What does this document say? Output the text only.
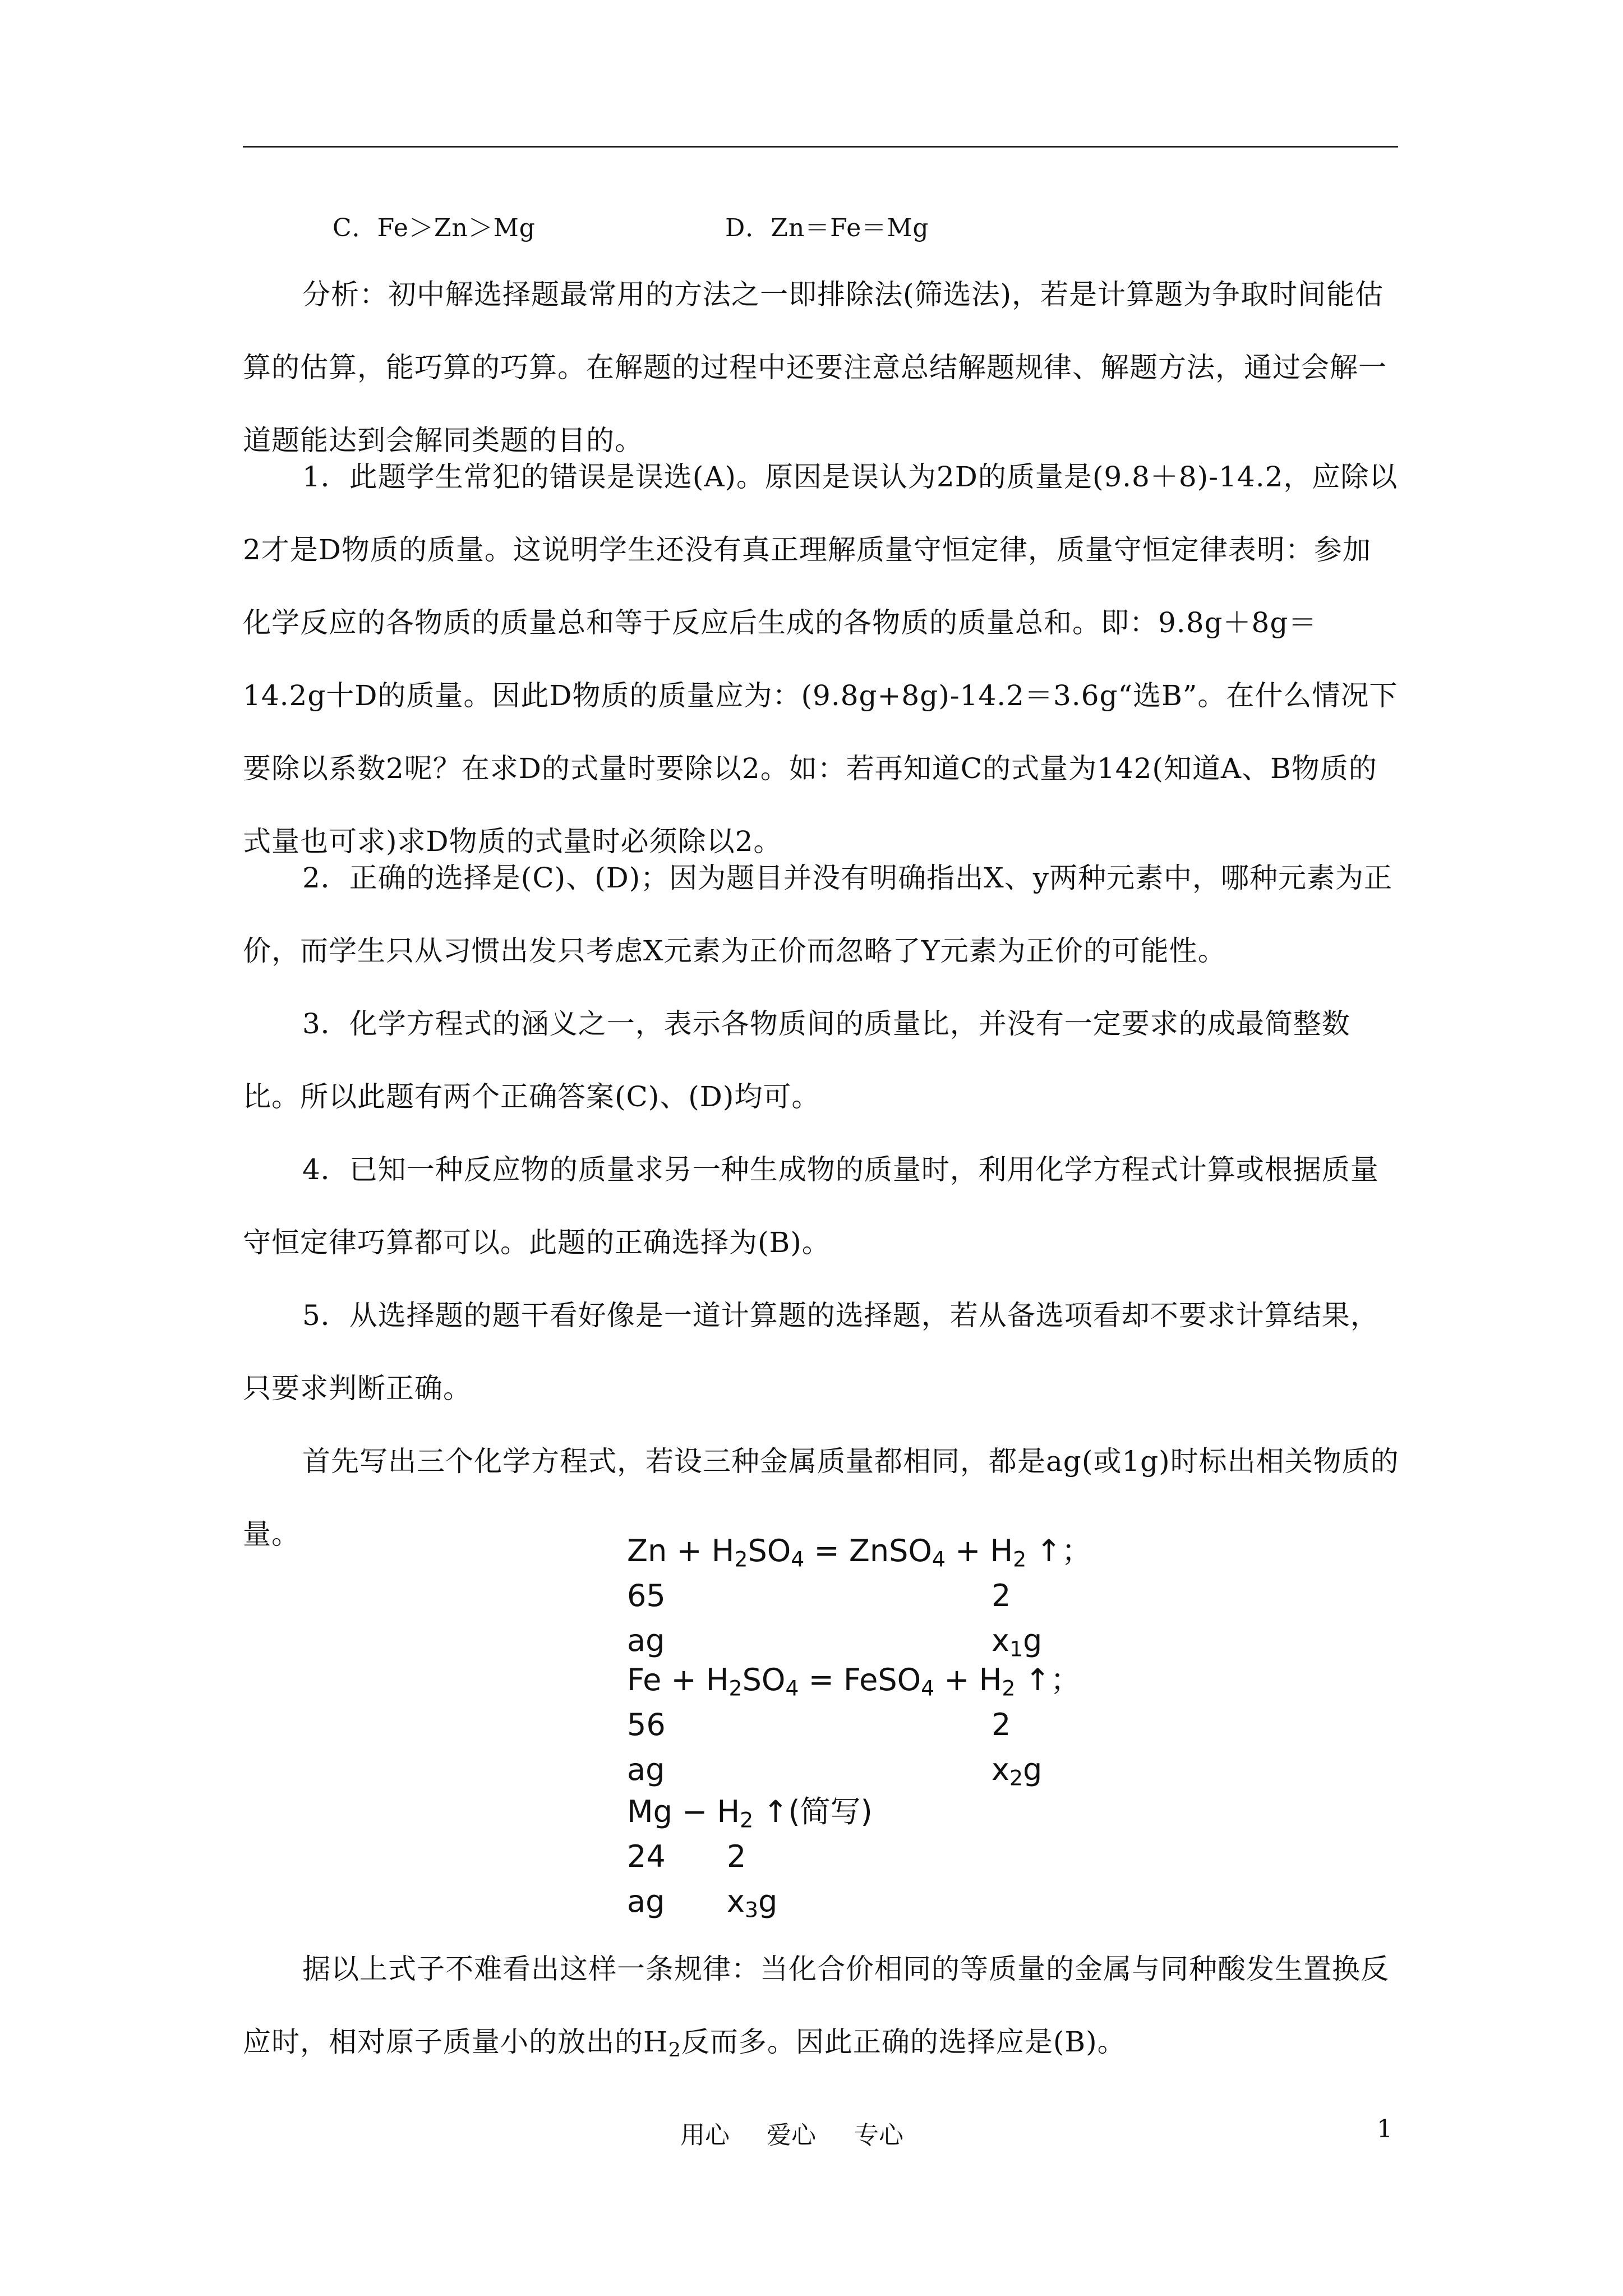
C．Fe＞Zn＞Mg	D．Zn＝Fe＝Mg

分析：初中解选择题最常用的方法之一即排除法(筛选法)，若是计算题为争取时间能估算的估算，能巧算的巧算。在解题的过程中还要注意总结解题规律、解题方法，通过会解一道题能达到会解同类题的目的。

1．此题学生常犯的错误是误选(A)。原因是误认为2D的质量是(9.8＋8)-14.2，应除以2才是D物质的质量。这说明学生还没有真正理解质量守恒定律，质量守恒定律表明：参加化学反应的各物质的质量总和等于反应后生成的各物质的质量总和。即：9.8g＋8g＝14.2g十D的质量。因此D物质的质量应为：(9.8g+8g)-14.2＝3.6g“选B”。在什么情况下要除以系数2呢？在求D的式量时要除以2。如：若再知道C的式量为142(知道A、B物质的式量也可求)求D物质的式量时必须除以2。

2．正确的选择是(C)、(D)；因为题目并没有明确指出X、y两种元素中，哪种元素为正价，而学生只从习惯出发只考虑X元素为正价而忽略了Y元素为正价的可能性。

3．化学方程式的涵义之一，表示各物质间的质量比，并没有一定要求的成最简整数比。所以此题有两个正确答案(C)、(D)均可。

4．已知一种反应物的质量求另一种生成物的质量时，利用化学方程式计算或根据质量守恒定律巧算都可以。此题的正确选择为(B)。

5．从选择题的题干看好像是一道计算题的选择题，若从备选项看却不要求计算结果，只要求判断正确。

首先写出三个化学方程式，若设三种金属质量都相同，都是ag(或1g)时标出相关物质的量。	$Zn + H_2SO_4$ = ZnSO$_4$ + $H_2$ ↑；
65	2
ag	$x_1g$
$Fe + H_2SO_4$ = FeSO$_4$ + $H_2$ ↑；
56	2
ag	$x_2g$
$Mg - H_2$ ↑(简写)
24 2
ag $x_3g$

据以上式子不难看出这样一条规律：当化合价相同的等质量的金属与同种酸发生置换反应时，相对原子质量小的放出的$H_2$反而多。因此正确的选择应是(B)。

用心 爱心 专心	1
